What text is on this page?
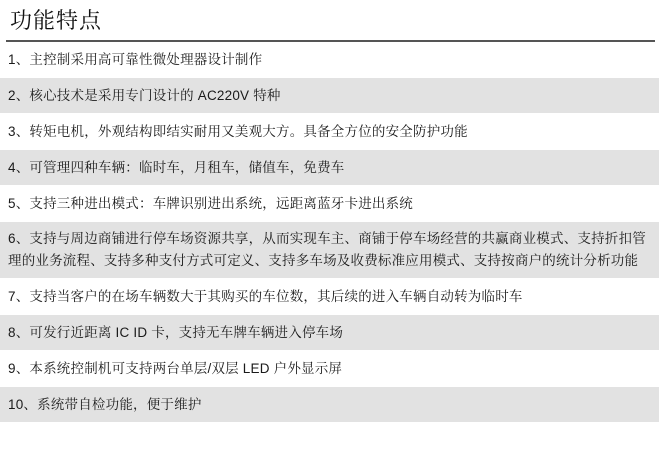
功能特点
1、主控制采用高可靠性微处理器设计制作
2、核心技术是采用专门设计的 AC220V 特种
3、转矩电机，外观结构即结实耐用又美观大方。具备全方位的安全防护功能
4、可管理四种车辆：临时车，月租车，储值车，免费车
5、支持三种进出模式：车牌识别进出系统，远距离蓝牙卡进出系统
6、支持与周边商铺进行停车场资源共享，从而实现车主、商铺于停车场经营的共赢商业模式、支持折扣管理的业务流程、支持多种支付方式可定义、支持多车场及收费标准应用模式、支持按商户的统计分析功能
7、支持当客户的在场车辆数大于其购买的车位数，其后续的进入车辆自动转为临时车
8、可发行近距离 IC ID 卡，支持无车牌车辆进入停车场
9、本系统控制机可支持两台单层/双层 LED 户外显示屏
10、系统带自检功能，便于维护
